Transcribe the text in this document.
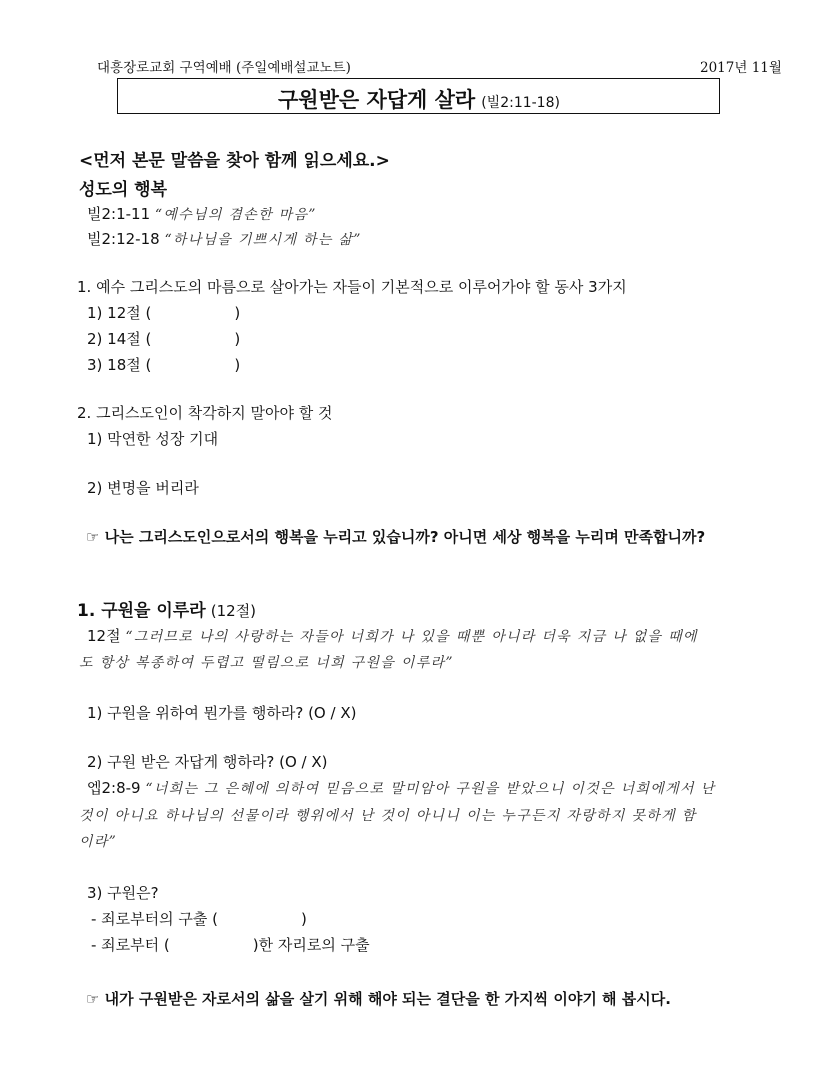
대흥장로교회 구역예배 (주일예배설교노트)	2017년 11월
구원받은 자답게 살라 (빌2:11-18)
<먼저 본문 말씀을 찾아 함께 읽으세요.>
성도의 행복
빌2:1-11 “예수님의 겸손한 마음”
빌2:12-18 “하나님을 기쁘시게 하는 삶”
1. 예수 그리스도의 마름으로 살아가는 자들이 기본적으로 이루어가야 할 동사 3가지
1) 12절 (	)
2) 14절 (	)
3) 18절 (	)
2. 그리스도인이 착각하지 말아야 할 것
1) 막연한 성장 기대
2) 변명을 버리라
☞ 나는 그리스도인으로서의 행복을 누리고 있습니까? 아니면 세상 행복을 누리며 만족합니까?
1. 구원을 이루라 (12절)
12절 “그러므로 나의 사랑하는 자들아 너희가 나 있을 때뿐 아니라 더욱 지금 나 없을 때에
도 항상 복종하여 두렵고 떨림으로 너희 구원을 이루라”
1) 구원을 위하여 뭔가를 행하라? (O / X)
2) 구원 받은 자답게 행하라? (O / X)
엡2:8-9 “너희는 그 은혜에 의하여 믿음으로 말미암아 구원을 받았으니 이것은 너희에게서 난
것이 아니요 하나님의 선물이라 행위에서 난 것이 아니니 이는 누구든지 자랑하지 못하게 함
이라”
3) 구원은?
- 죄로부터의 구출 (	)
- 죄로부터 (	)한 자리로의 구출
☞ 내가 구원받은 자로서의 삶을 살기 위해 해야 되는 결단을 한 가지씩 이야기 해 봅시다.
